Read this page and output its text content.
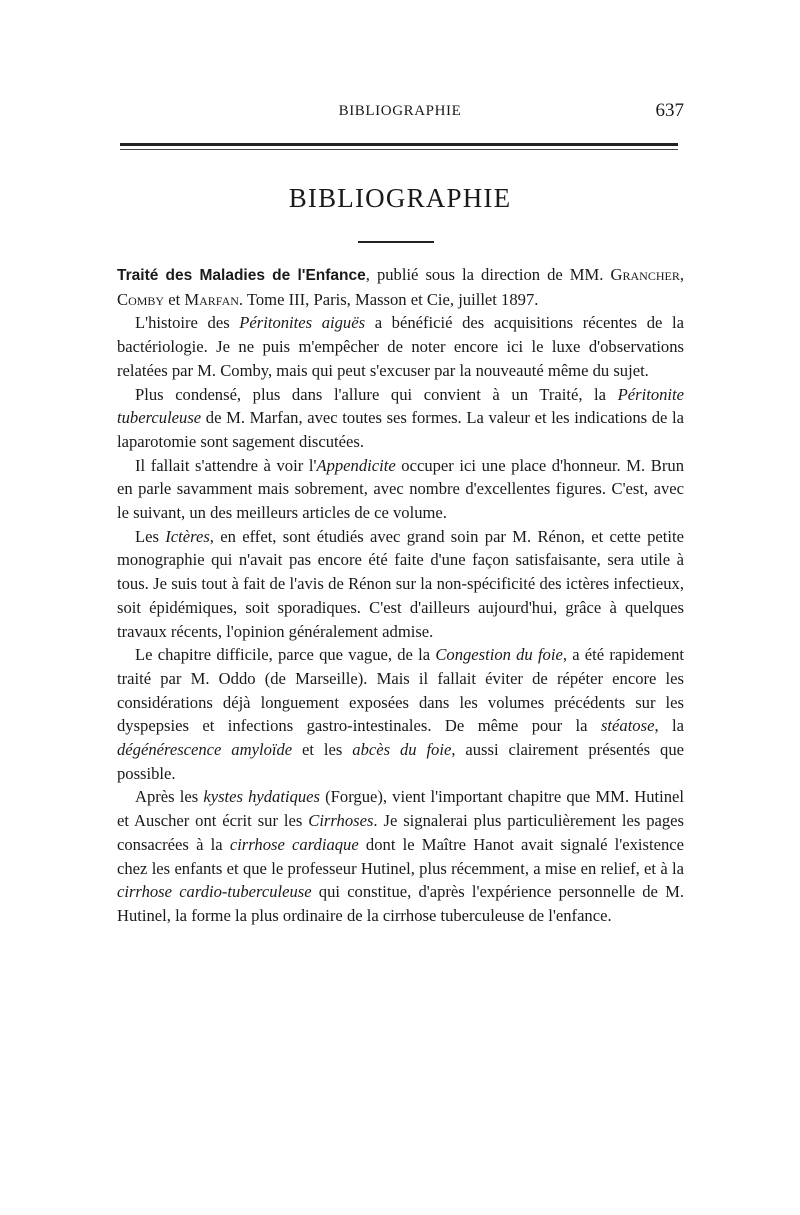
BIBLIOGRAPHIE	637
BIBLIOGRAPHIE

Traité des Maladies de l'Enfance, publié sous la direction de MM. Grancher, Comby et Marfan. Tome III, Paris, Masson et Cie, juillet 1897.

L'histoire des Péritonites aiguës a bénéficié des acquisitions récentes de la bactériologie. Je ne puis m'empêcher de noter encore ici le luxe d'observations relatées par M. Comby, mais qui peut s'excuser par la nouveauté même du sujet.

Plus condensé, plus dans l'allure qui convient à un Traité, la Péritonite tuberculeuse de M. Marfan, avec toutes ses formes. La valeur et les indications de la laparotomie sont sagement discutées.

Il fallait s'attendre à voir l'Appendicite occuper ici une place d'honneur. M. Brun en parle savamment mais sobrement, avec nombre d'excellentes figures. C'est, avec le suivant, un des meilleurs articles de ce volume.

Les Ictères, en effet, sont étudiés avec grand soin par M. Rénon, et cette petite monographie qui n'avait pas encore été faite d'une façon satisfaisante, sera utile à tous. Je suis tout à fait de l'avis de Rénon sur la non-spécificité des ictères infectieux, soit épidémiques, soit sporadiques. C'est d'ailleurs aujourd'hui, grâce à quelques travaux récents, l'opinion généralement admise.

Le chapitre difficile, parce que vague, de la Congestion du foie, a été rapidement traité par M. Oddo (de Marseille). Mais il fallait éviter de répéter encore les considérations déjà longuement exposées dans les volumes précédents sur les dyspepsies et infections gastro-intestinales. De même pour la stéatose, la dégénérescence amyloïde et les abcès du foie, aussi clairement présentés que possible.

Après les kystes hydatiques (Forgue), vient l'important chapitre que MM. Hutinel et Auscher ont écrit sur les Cirrhoses. Je signalerai plus particulièrement les pages consacrées à la cirrhose cardiaque dont le Maître Hanot avait signalé l'existence chez les enfants et que le professeur Hutinel, plus récemment, a mise en relief, et à la cirrhose cardio-tuberculeuse qui constitue, d'après l'expérience personnelle de M. Hutinel, la forme la plus ordinaire de la cirrhose tuberculeuse de l'enfance.
